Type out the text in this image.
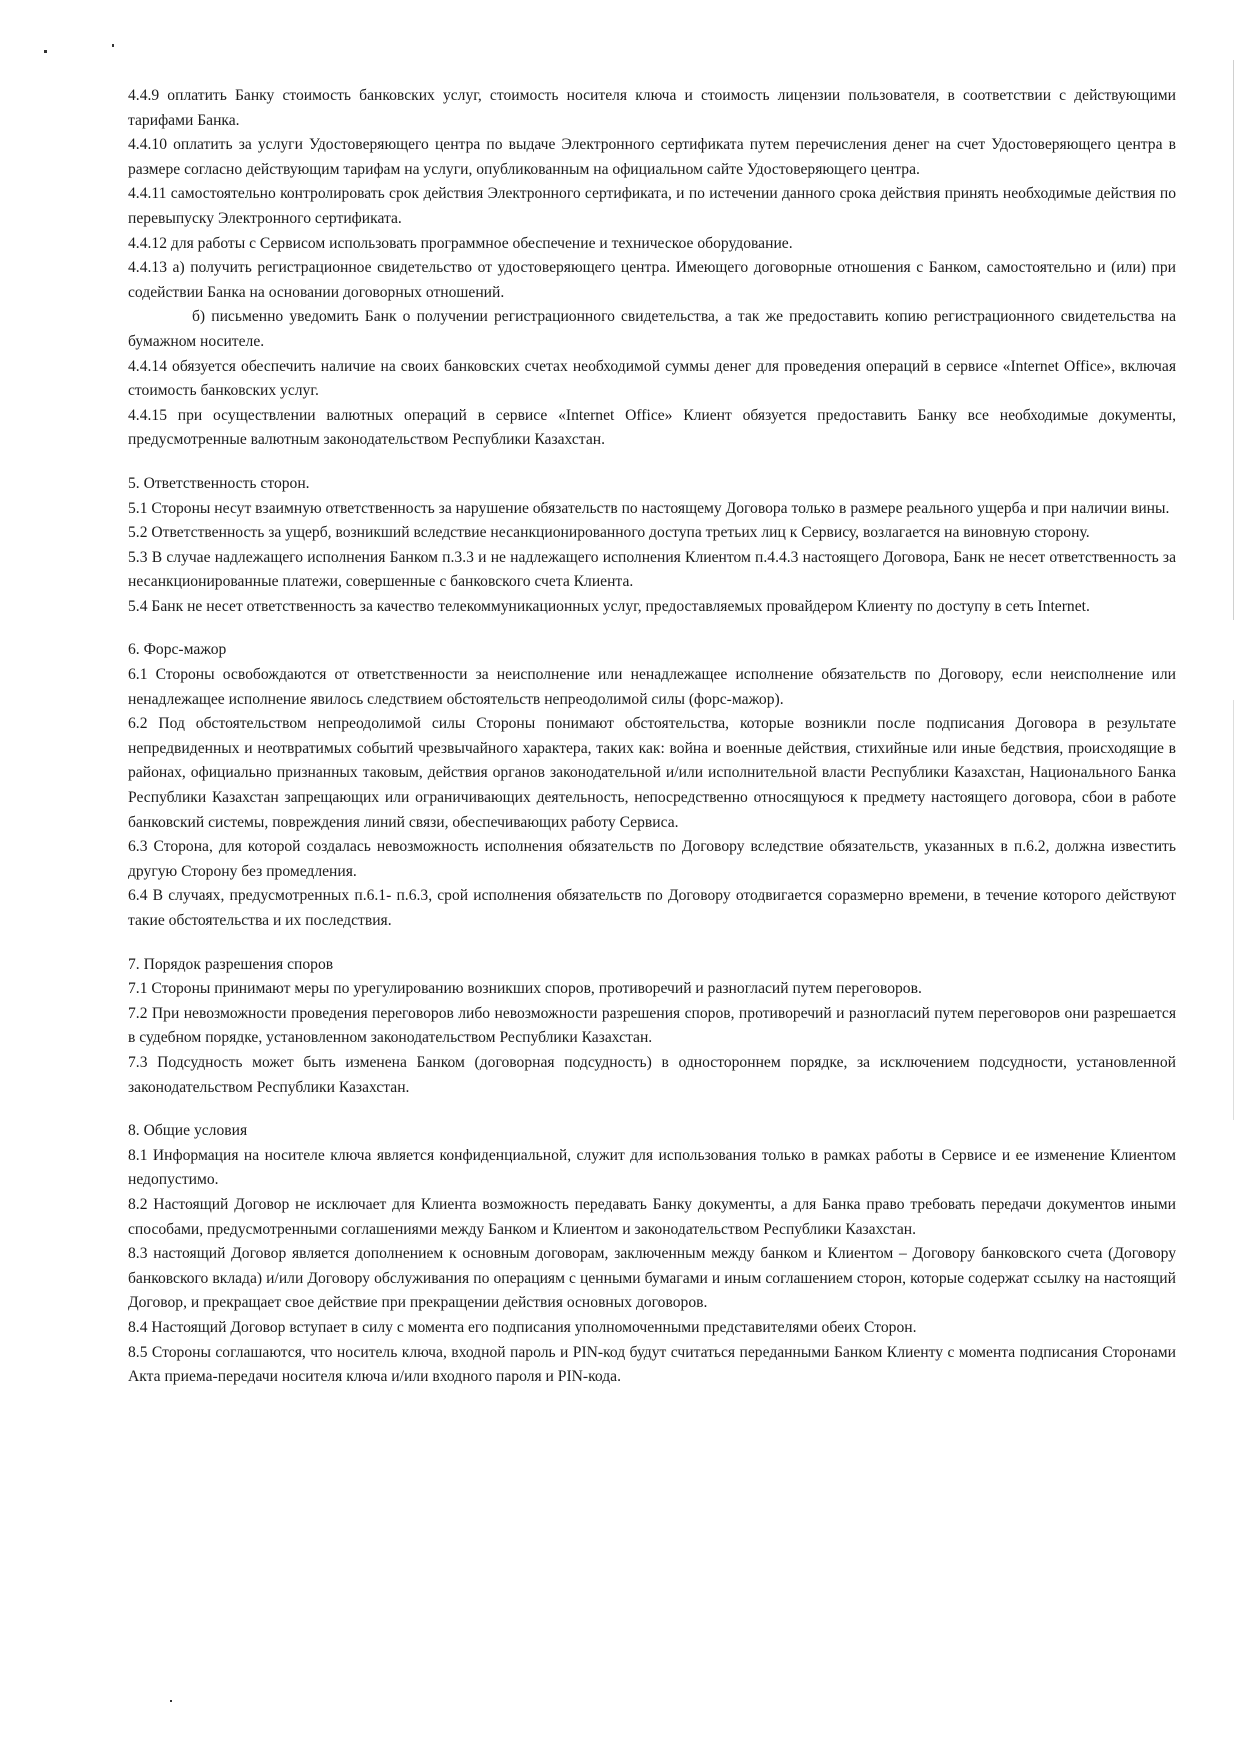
4.4.9 оплатить Банку стоимость банковских услуг, стоимость носителя ключа и стоимость лицензии пользователя, в соответствии с действующими тарифами Банка.

4.4.10 оплатить за услуги Удостоверяющего центра по выдаче Электронного сертификата путем перечисления денег на счет Удостоверяющего центра в размере согласно действующим тарифам на услуги, опубликованным на официальном сайте Удостоверяющего центра.

4.4.11 самостоятельно контролировать срок действия Электронного сертификата, и по истечении данного срока действия принять необходимые действия по перевыпуску Электронного сертификата.

4.4.12 для работы с Сервисом использовать программное обеспечение и техническое оборудование.

4.4.13 а) получить регистрационное свидетельство от удостоверяющего центра. Имеющего договорные отношения с Банком, самостоятельно и (или) при содействии Банка на основании договорных отношений.

б) письменно уведомить Банк о получении регистрационного свидетельства, а так же предоставить копию регистрационного свидетельства на бумажном носителе.

4.4.14 обязуется обеспечить наличие на своих банковских счетах необходимой суммы денег для проведения операций в сервисе «Internet Office», включая стоимость банковских услуг.

4.4.15 при осуществлении валютных операций в сервисе «Internet Office» Клиент обязуется предоставить Банку все необходимые документы, предусмотренные валютным законодательством Республики Казахстан.

5. Ответственность сторон.

5.1 Стороны несут взаимную ответственность за нарушение обязательств по настоящему Договора только в размере реального ущерба и при наличии вины.

5.2 Ответственность за ущерб, возникший вследствие несанкционированного доступа третьих лиц к Сервису, возлагается на виновную сторону.

5.3 В случае надлежащего исполнения Банком п.3.3 и не надлежащего исполнения Клиентом п.4.4.3 настоящего Договора, Банк не несет ответственность за несанкционированные платежи, совершенные с банковского счета Клиента.

5.4 Банк не несет ответственность за качество телекоммуникационных услуг, предоставляемых провайдером Клиенту по доступу в сеть Internet.

6. Форс-мажор

6.1 Стороны освобождаются от ответственности за неисполнение или ненадлежащее исполнение обязательств по Договору, если неисполнение или ненадлежащее исполнение явилось следствием обстоятельств непреодолимой силы (форс-мажор).

6.2 Под обстоятельством непреодолимой силы Стороны понимают обстоятельства, которые возникли после подписания Договора в результате непредвиденных и неотвратимых событий чрезвычайного характера, таких как: война и военные действия, стихийные или иные бедствия, происходящие в районах, официально признанных таковым, действия органов законодательной и/или исполнительной власти Республики Казахстан, Национального Банка Республики Казахстан запрещающих или ограничивающих деятельность, непосредственно относящуюся к предмету настоящего договора, сбои в работе банковский системы, повреждения линий связи, обеспечивающих работу Сервиса.

6.3 Сторона, для которой создалась невозможность исполнения обязательств по Договору вследствие обязательств, указанных в п.6.2, должна известить другую Сторону без промедления.

6.4 В случаях, предусмотренных п.6.1- п.6.3, срой исполнения обязательств по Договору отодвигается соразмерно времени, в течение которого действуют такие обстоятельства и их последствия.

7. Порядок разрешения споров

7.1 Стороны принимают меры по урегулированию возникших споров, противоречий и разногласий путем переговоров.

7.2 При невозможности проведения переговоров либо невозможности разрешения споров, противоречий и разногласий путем переговоров они разрешается в судебном порядке, установленном законодательством Республики Казахстан.

7.3 Подсудность может быть изменена Банком (договорная подсудность) в одностороннем порядке, за исключением подсудности, установленной законодательством Республики Казахстан.

8. Общие условия

8.1 Информация на носителе ключа является конфиденциальной, служит для использования только в рамках работы в Сервисе и ее изменение Клиентом недопустимо.

8.2 Настоящий Договор не исключает для Клиента возможность передавать Банку документы, а для Банка право требовать передачи документов иными способами, предусмотренными соглашениями между Банком и Клиентом и законодательством Республики Казахстан.

8.3 настоящий Договор является дополнением к основным договорам, заключенным между банком и Клиентом – Договору банковского счета (Договору банковского вклада) и/или Договору обслуживания по операциям с ценными бумагами и иным соглашением сторон, которые содержат ссылку на настоящий Договор, и прекращает свое действие при прекращении действия основных договоров.

8.4 Настоящий Договор вступает в силу с момента его подписания уполномоченными представителями обеих Сторон.

8.5 Стороны соглашаются, что носитель ключа, входной пароль и PIN-код будут считаться переданными Банком Клиенту с момента подписания Сторонами Акта приема-передачи носителя ключа и/или входного пароля и PIN-кода.
